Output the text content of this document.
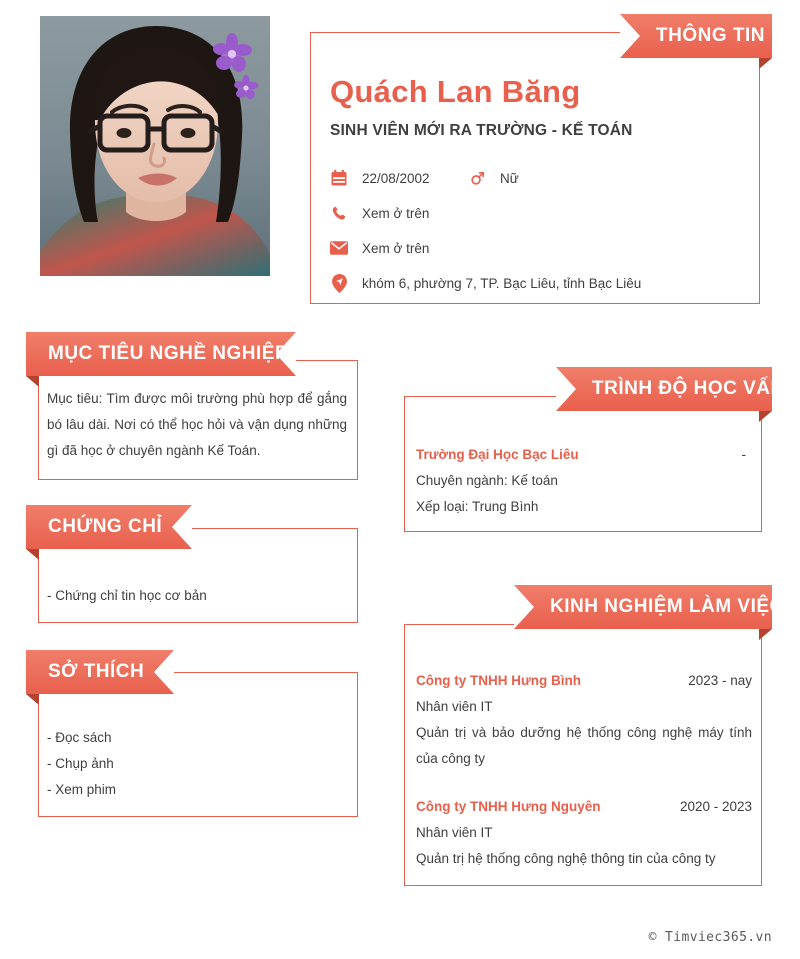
THÔNG TIN
Quách Lan Băng
SINH VIÊN MỚI RA TRƯỜNG - KẾ TOÁN
22/08/2002	Nữ
Xem ở trên
Xem ở trên
khóm 6, phường 7, TP. Bạc Liêu, tỉnh Bạc Liêu
MỤC TIÊU NGHỀ NGHIỆP
Mục tiêu: Tìm được môi trường phù hợp để gắng bó lâu dài. Nơi có thể học hỏi và vận dụng những gì đã học ở chuyên ngành Kế Toán.
CHỨNG CHỈ
- Chứng chỉ tin học cơ bản
SỞ THÍCH
- Đọc sách
- Chụp ảnh
- Xem phim
TRÌNH ĐỘ HỌC VẤN
Trường Đại Học Bạc Liêu	-
Chuyên ngành: Kế toán
Xếp loại: Trung Bình
KINH NGHIỆM LÀM VIỆC
Công ty TNHH Hưng Bình	2023 - nay
Nhân viên IT
Quản trị và bảo dưỡng hệ thống công nghệ máy tính của công ty
Công ty TNHH Hưng Nguyên	2020 - 2023
Nhân viên IT
Quản trị hệ thống công nghệ thông tin của công ty
© Timviec365.vn
